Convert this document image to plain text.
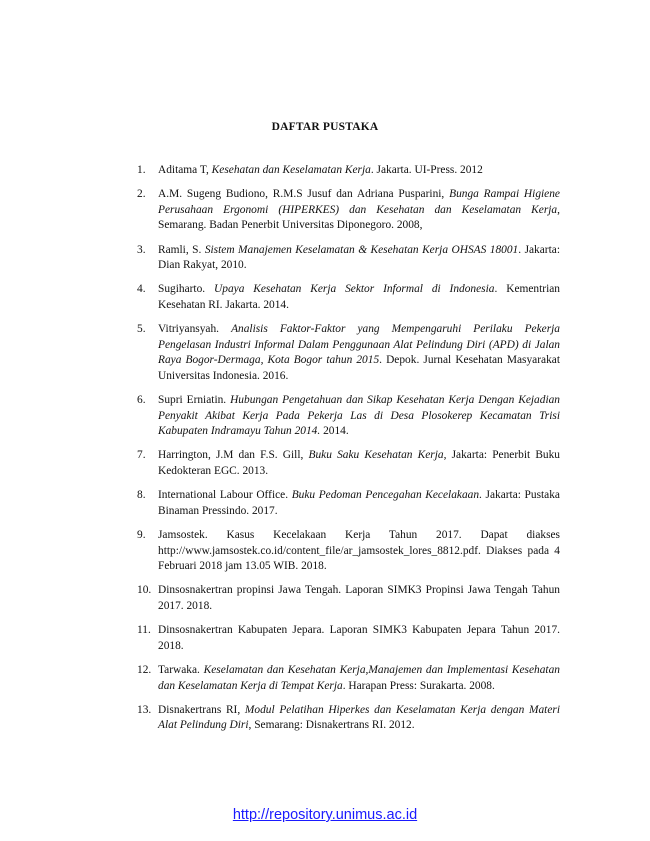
DAFTAR PUSTAKA
1.	Aditama T, Kesehatan dan Keselamatan Kerja. Jakarta. UI-Press. 2012
2.	A.M. Sugeng Budiono, R.M.S Jusuf dan Adriana Pusparini, Bunga Rampai Higiene Perusahaan Ergonomi (HIPERKES) dan Kesehatan dan Keselamatan Kerja, Semarang. Badan Penerbit Universitas Diponegoro. 2008,
3.	Ramli, S. Sistem Manajemen Keselamatan & Kesehatan Kerja OHSAS 18001. Jakarta: Dian Rakyat, 2010.
4.	Sugiharto. Upaya Kesehatan Kerja Sektor Informal di Indonesia. Kementrian Kesehatan RI. Jakarta. 2014.
5.	Vitriyansyah. Analisis Faktor-Faktor yang Mempengaruhi Perilaku Pekerja Pengelasan Industri Informal Dalam Penggunaan Alat Pelindung Diri (APD) di Jalan Raya Bogor-Dermaga, Kota Bogor tahun 2015. Depok. Jurnal Kesehatan Masyarakat Universitas Indonesia. 2016.
6.	Supri Erniatin. Hubungan Pengetahuan dan Sikap Kesehatan Kerja Dengan Kejadian Penyakit Akibat Kerja Pada Pekerja Las di Desa Plosokerep Kecamatan Trisi Kabupaten Indramayu Tahun 2014. 2014.
7.	Harrington, J.M dan F.S. Gill, Buku Saku Kesehatan Kerja, Jakarta: Penerbit Buku Kedokteran EGC. 2013.
8.	International Labour Office. Buku Pedoman Pencegahan Kecelakaan. Jakarta: Pustaka Binaman Pressindo. 2017.
9.	Jamsostek. Kasus Kecelakaan Kerja Tahun 2017. Dapat diakses http://www.jamsostek.co.id/content_file/ar_jamsostek_lores_8812.pdf. Diakses pada 4 Februari 2018 jam 13.05 WIB. 2018.
10. Dinsosnakertran propinsi Jawa Tengah. Laporan SIMK3 Propinsi Jawa Tengah Tahun 2017. 2018.
11. Dinsosnakertran Kabupaten Jepara. Laporan SIMK3 Kabupaten Jepara Tahun 2017. 2018.
12. Tarwaka. Keselamatan dan Kesehatan Kerja,Manajemen dan Implementasi Kesehatan dan Keselamatan Kerja di Tempat Kerja. Harapan Press: Surakarta. 2008.
13. Disnakertrans RI, Modul Pelatihan Hiperkes dan Keselamatan Kerja dengan Materi Alat Pelindung Diri, Semarang: Disnakertrans RI. 2012.
http://repository.unimus.ac.id
